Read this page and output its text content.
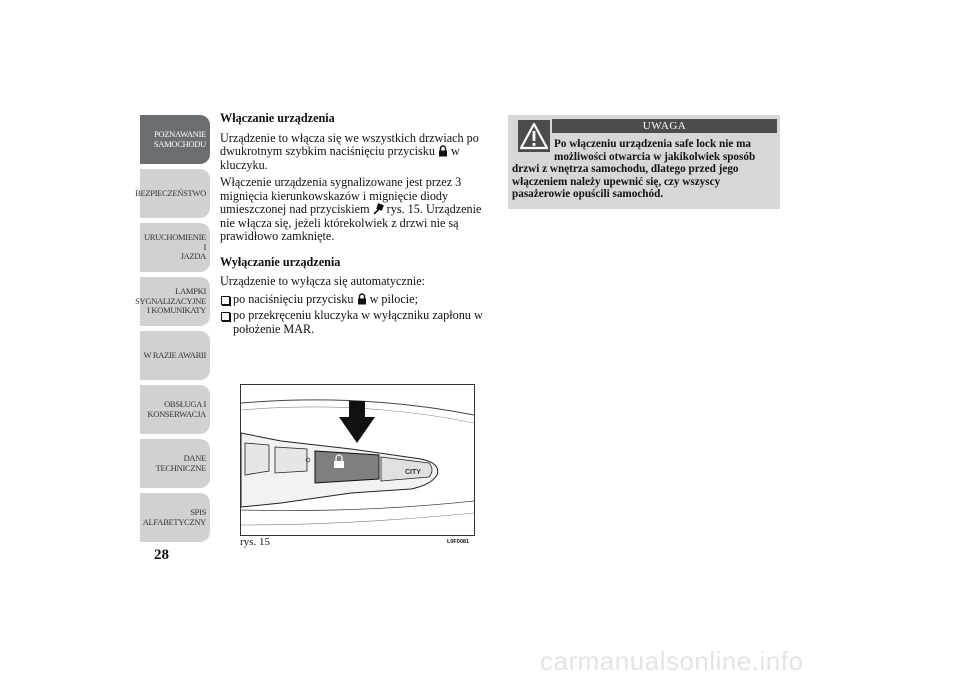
POZNAWANIE
SAMOCHODU
BEZPIECZEŃSTWO
URUCHOMIENIE I
JAZDA
LAMPKI
SYGNALIZACYJNE
I KOMUNIKATY
W RAZIE AWARII
OBSŁUGA I
KONSERWACJA
DANE
TECHNICZNE
SPIS
ALFABETYCZNY
28
Włączanie urządzenia

Urządzenie to włącza się we wszystkich drzwiach po dwukrotnym szybkim naciśnięciu przycisku w kluczyku.

Włączenie urządzenia sygnalizowane jest przez 3 mignięcia kierunkowskazów i mignięcie diody umieszczonej nad przyciskiem rys. 15. Urządzenie nie włącza się, jeżeli którekolwiek z drzwi nie są prawidłowo zamknięte.

Wyłączanie urządzenia

Urządzenie to wyłącza się automatycznie:

po naciśnięciu przycisku w pilocie;
po przekręceniu kluczyka w wyłączniku zapłonu w położenie MAR.
UWAGA
Po włączeniu urządzenia safe lock nie ma
możliwości otwarcia w jakikolwiek sposób
drzwi z wnętrza samochodu, dlatego przed jego włączeniem należy upewnić się, czy wszyscy pasażerowie opuścili samochód.
CITY
rys. 15	L0F0081
carmanualsonline.info
